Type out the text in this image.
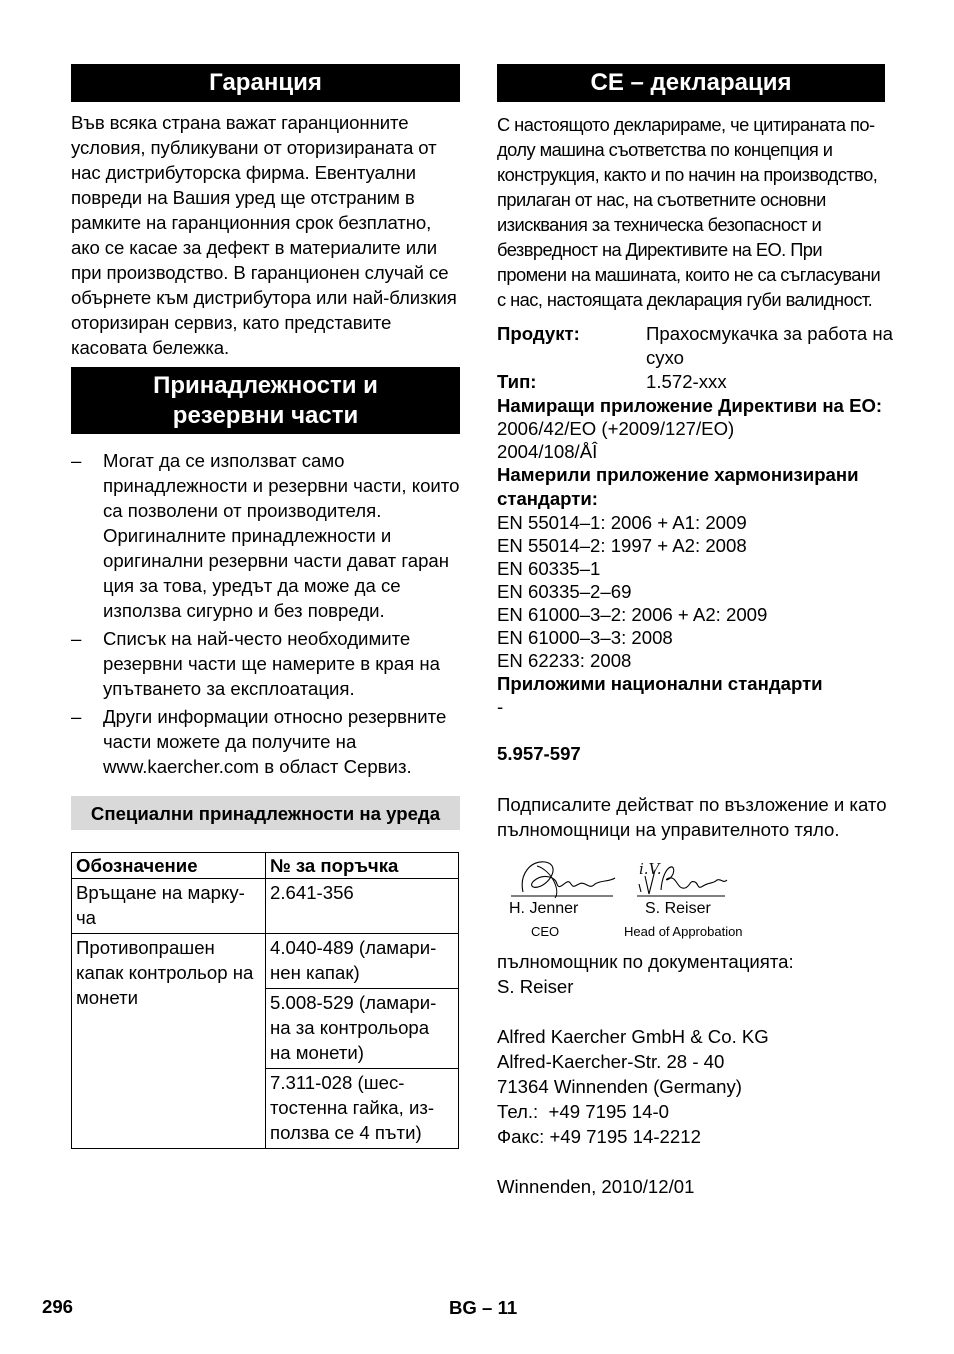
Гаранция
Във всяка страна важат гаранционните условия, публикувани от оторизираната от нас дистрибуторска фирма. Евентуални повреди на Вашия уред ще отстраним в рамките на гаранционния срок безплатно, ако се касае за дефект в материалите или при производство. В гаранционен случай се обърнете към дистрибутора или най-близкия оторизиран сервиз, като представите касовата бележка.
Принадлежности и
резервни части
– Могат да се използват само принадлежности и резервни части, които са позволени от производителя. Оригиналните принадлежности и оригинални резервни части дават гаран ция за това, уредът да може да се използва сигурно и без повреди.
– Списък на най-често необходимите резервни части ще намерите в края на упътването за експлоатация.
– Други информации относно резервните части можете да получите на www.kaercher.com в област Сервиз.
Специални принадлежности на уреда
Обозначение	№ за поръчка
Връщане на марку-ча	2.641-356
Противопрашен капак контрольор на монети	4.040-489 (ламари-нен капак)
	5.008-529 (ламари-на за контрольора на монети)
	7.311-028 (шес-тостенна гайка, из-ползва се 4 пъти)
CE – декларация
С настоящото декларираме, че цитираната по-долу машина съответства по концепция и конструкция, както и по начин на производство, прилаган от нас, на съответните основни изисквания за техническа безопасност и безвредност на Директивите на ЕО. При промени на машината, които не са съгласувани с нас, настоящата декларация губи валидност.
Продукт:	Прахосмукачка за работа на сухо
Тип:	1.572-xxx
Намиращи приложение Директиви на ЕО:
2006/42/ЕО (+2009/127/ЕО)
2004/108/ÅÎ
Намерили приложение хармонизирани стандарти:
EN 55014–1: 2006 + A1: 2009
EN 55014–2: 1997 + A2: 2008
EN 60335–1
EN 60335–2–69
EN 61000–3–2: 2006 + A2: 2009
EN 61000–3–3: 2008
EN 62233: 2008
Приложими национални стандарти
-
5.957-597
Подписалите действат по възложение и като пълномощници на управителното тяло.
H. Jenner
CEO
i.V.
S. Reiser
Head of Approbation
пълномощник по документацията:
S. Reiser
Alfred Kaercher GmbH & Co. KG
Alfred-Kaercher-Str. 28 - 40
71364 Winnenden (Germany)
Тел.:  +49 7195 14-0
Факс: +49 7195 14-2212
Winnenden, 2010/12/01
296	BG – 11
